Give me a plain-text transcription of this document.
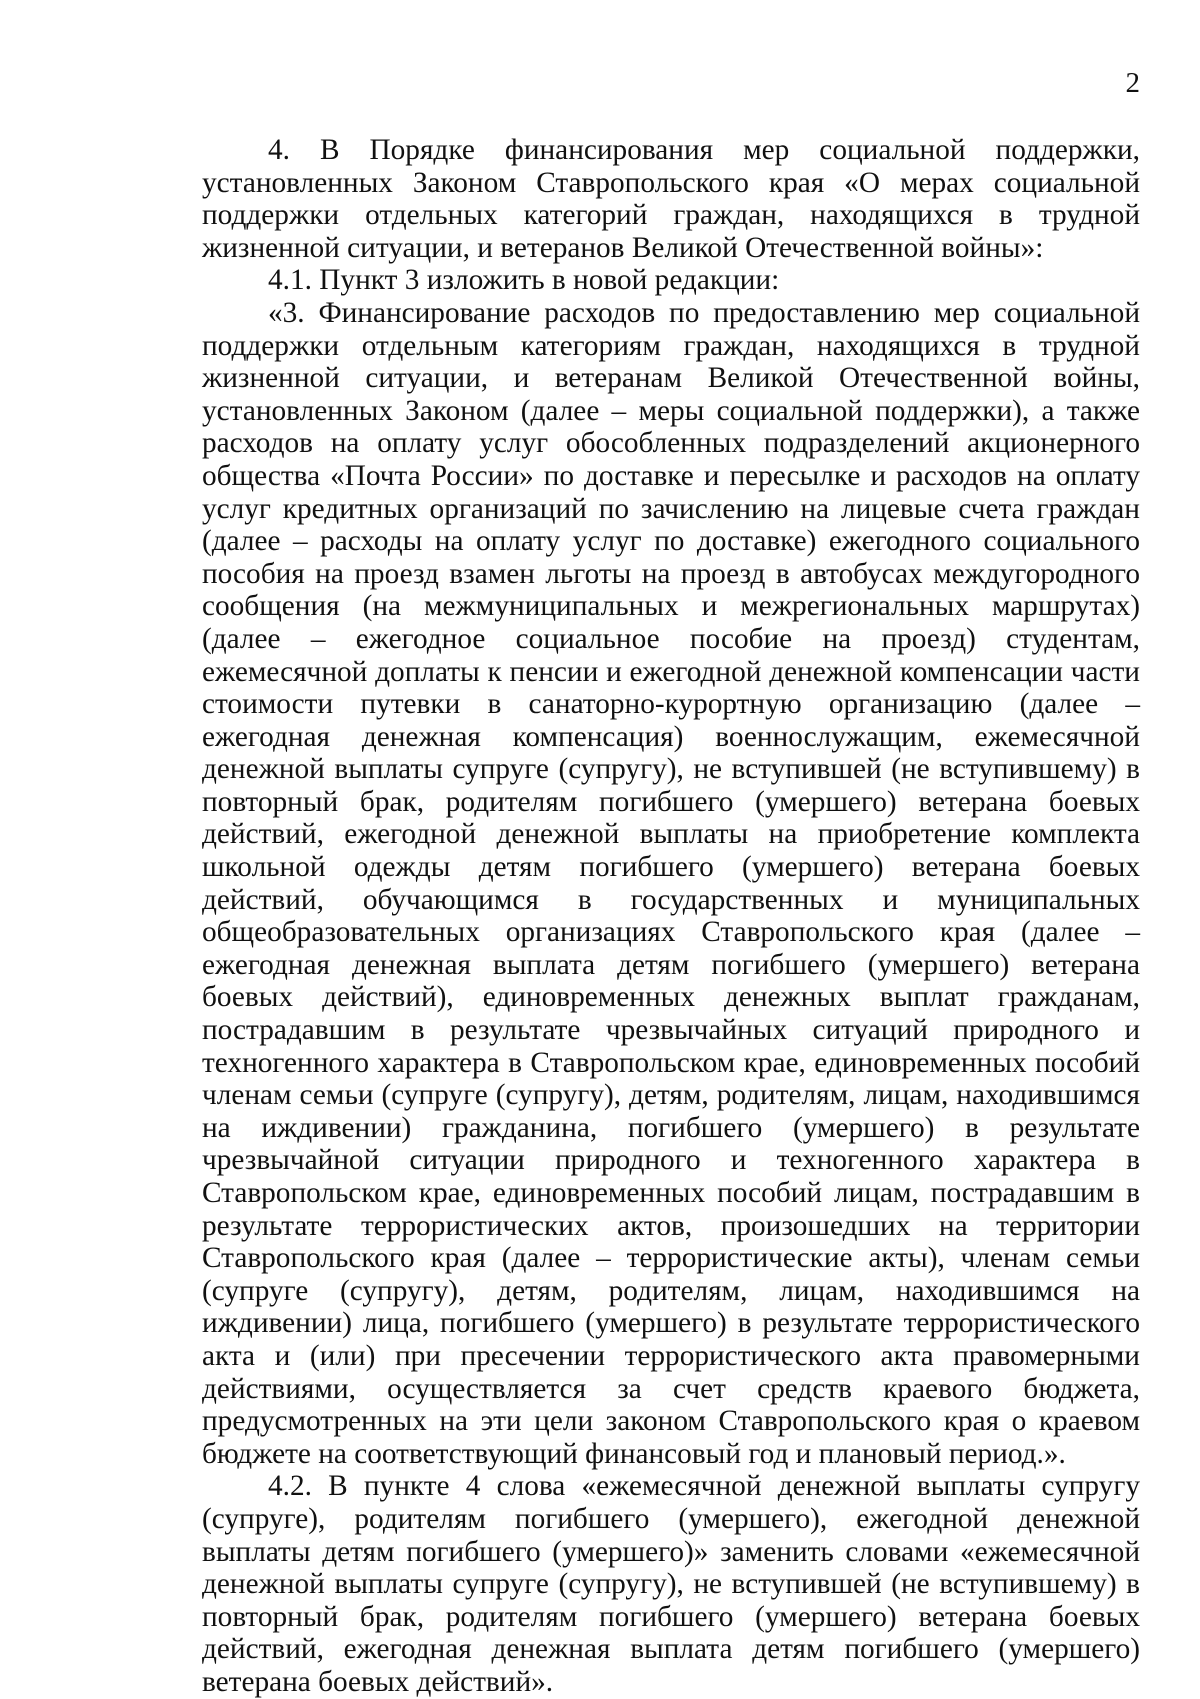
2

4. В Порядке финансирования мер социальной поддержки, установленных Законом Ставропольского края «О мерах социальной поддержки отдельных категорий граждан, находящихся в трудной жизненной ситуации, и ветеранов Великой Отечественной войны»:

4.1. Пункт 3 изложить в новой редакции:

«3. Финансирование расходов по предоставлению мер социальной поддержки отдельным категориям граждан, находящихся в трудной жизненной ситуации, и ветеранам Великой Отечественной войны, установленных Законом (далее – меры социальной поддержки), а также расходов на оплату услуг обособленных подразделений акционерного общества «Почта России» по доставке и пересылке и расходов на оплату услуг кредитных организаций по зачислению на лицевые счета граждан (далее – расходы на оплату услуг по доставке) ежегодного социального пособия на проезд взамен льготы на проезд в автобусах междугородного сообщения (на межмуниципальных и межрегиональных маршрутах) (далее – ежегодное социальное пособие на проезд) студентам, ежемесячной доплаты к пенсии и ежегодной денежной компенсации части стоимости путевки в санаторно-курортную организацию (далее – ежегодная денежная компенсация) военнослужащим, ежемесячной денежной выплаты супруге (супругу), не вступившей (не вступившему) в повторный брак, родителям погибшего (умершего) ветерана боевых действий, ежегодной денежной выплаты на приобретение комплекта школьной одежды детям погибшего (умершего) ветерана боевых действий, обучающимся в государственных и муниципальных общеобразовательных организациях Ставропольского края (далее – ежегодная денежная выплата детям погибшего (умершего) ветерана боевых действий), единовременных денежных выплат гражданам, пострадавшим в результате чрезвычайных ситуаций природного и техногенного характера в Ставропольском крае, единовременных пособий членам семьи (супруге (супругу), детям, родителям, лицам, находившимся на иждивении) гражданина, погибшего (умершего) в результате чрезвычайной ситуации природного и техногенного характера в Ставропольском крае, единовременных пособий лицам, пострадавшим в результате террористических актов, произошедших на территории Ставропольского края (далее – террористические акты), членам семьи (супруге (супругу), детям, родителям, лицам, находившимся на иждивении) лица, погибшего (умершего) в результате террористического акта и (или) при пресечении террористического акта правомерными действиями, осуществляется за счет средств краевого бюджета, предусмотренных на эти цели законом Ставропольского края о краевом бюджете на соответствующий финансовый год и плановый период.».

4.2. В пункте 4 слова «ежемесячной денежной выплаты супругу (супруге), родителям погибшего (умершего), ежегодной денежной выплаты детям погибшего (умершего)» заменить словами «ежемесячной денежной выплаты супруге (супругу), не вступившей (не вступившему) в повторный брак, родителям погибшего (умершего) ветерана боевых действий, ежегодная денежная выплата детям погибшего (умершего) ветерана боевых действий».
